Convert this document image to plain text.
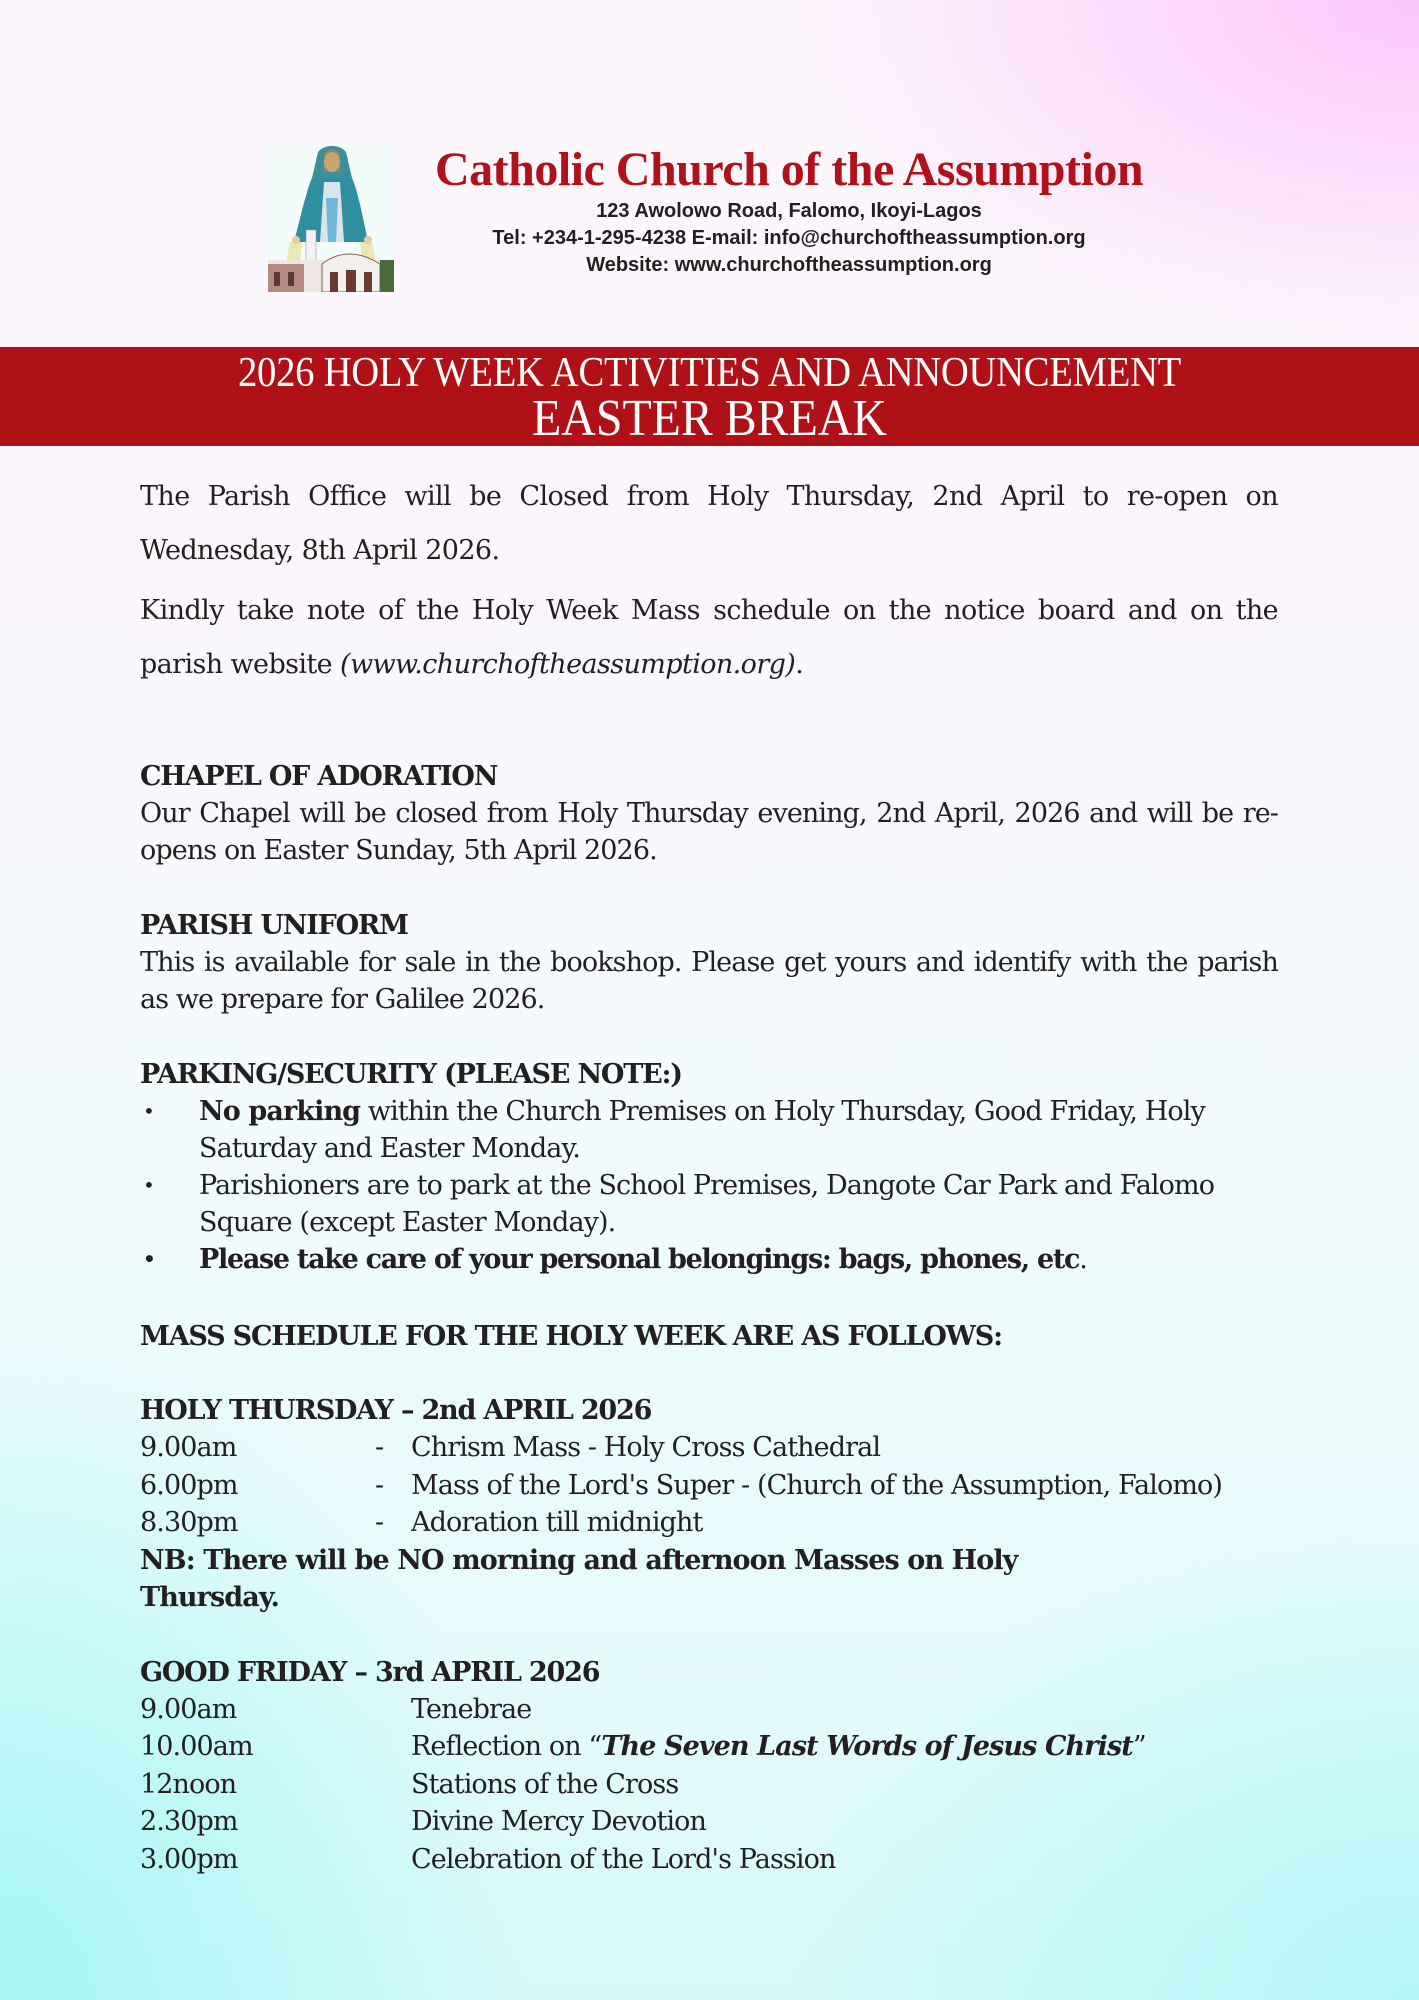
Catholic Church of the Assumption

123 Awolowo Road, Falomo, Ikoyi-Lagos

Tel: +234-1-295-4238 E-mail: info@churchoftheassumption.org

Website: www.churchoftheassumption.org

2026 HOLY WEEK ACTIVITIES AND ANNOUNCEMENT
EASTER BREAK

The Parish Office will be Closed from Holy Thursday, 2nd April to re-open on Wednesday, 8th April 2026.

Kindly take note of the Holy Week Mass schedule on the notice board and on the parish website (www.churchoftheassumption.org).

CHAPEL OF ADORATION

Our Chapel will be closed from Holy Thursday evening, 2nd April, 2026 and will be re-opens on Easter Sunday, 5th April 2026.

PARISH UNIFORM

This is available for sale in the bookshop. Please get yours and identify with the parish as we prepare for Galilee 2026.

PARKING/SECURITY (PLEASE NOTE:)

• No parking within the Church Premises on Holy Thursday, Good Friday, Holy Saturday and Easter Monday.
• Parishioners are to park at the School Premises, Dangote Car Park and Falomo Square (except Easter Monday).
• Please take care of your personal belongings: bags, phones, etc.

MASS SCHEDULE FOR THE HOLY WEEK ARE AS FOLLOWS:

HOLY THURSDAY – 2nd APRIL 2026

9.00am	-	Chrism Mass - Holy Cross Cathedral
6.00pm	-	Mass of the Lord's Super - (Church of the Assumption, Falomo)
8.30pm	-	Adoration till midnight

NB: There will be NO morning and afternoon Masses on Holy Thursday.

GOOD FRIDAY – 3rd APRIL 2026

9.00am	Tenebrae
10.00am	Reflection on “The Seven Last Words of Jesus Christ”
12noon	Stations of the Cross
2.30pm	Divine Mercy Devotion
3.00pm	Celebration of the Lord's Passion
